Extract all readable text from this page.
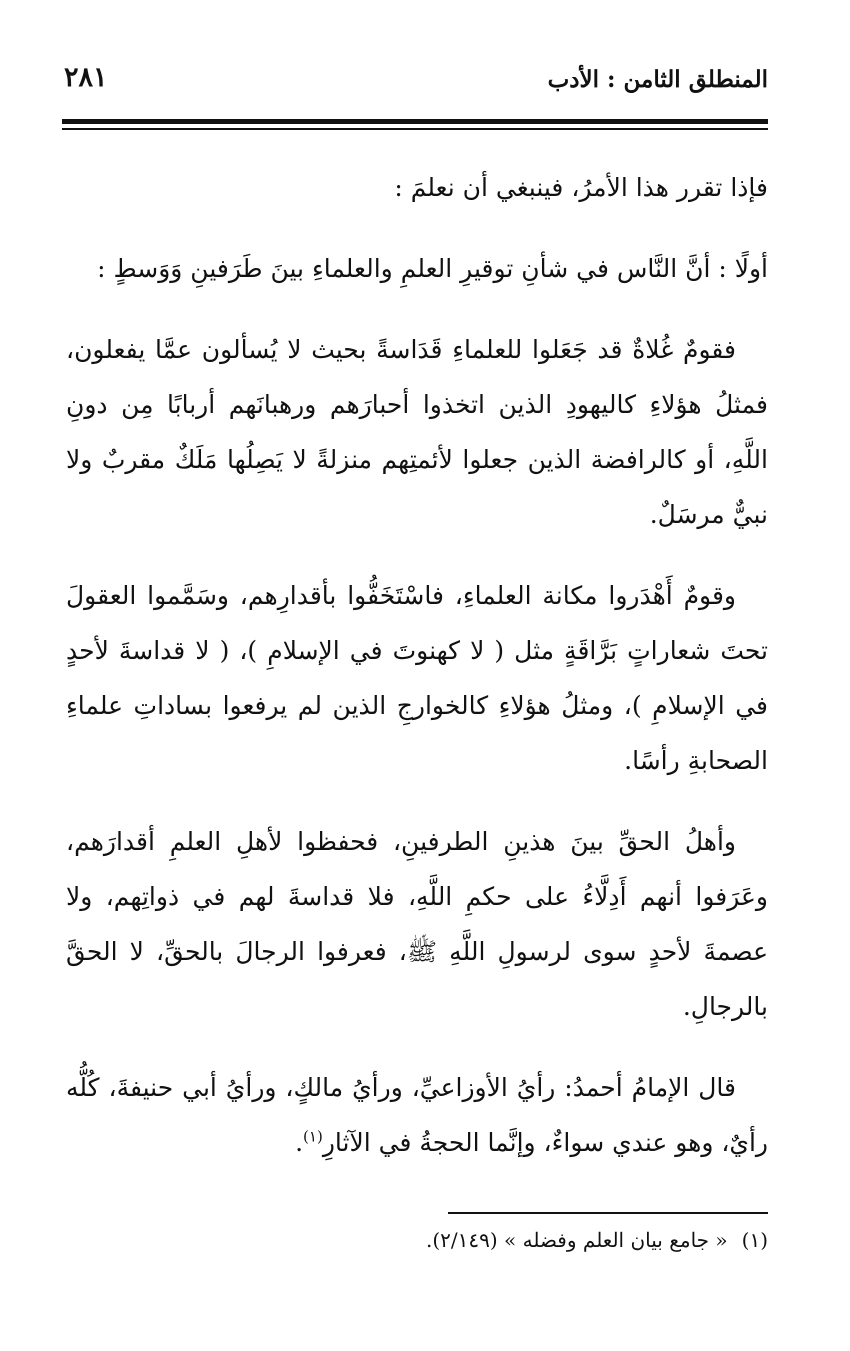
المنطلق الثامن : الأدب
٢٨١

فإذا تقرر هذا الأمرُ، فينبغي أن نعلمَ :

أولًا : أنَّ النَّاس في شأنِ توقيرِ العلمِ والعلماءِ بينَ طَرَفينِ وَوَسطٍ :

فقومٌ غُلاةٌ قد جَعَلوا للعلماءِ قَدَاسةً بحيث لا يُسألون عمَّا يفعلون، فمثلُ هؤلاءِ كاليهودِ الذين اتخذوا أحبارَهم ورهبانَهم أربابًا مِن دونِ اللَّهِ، أو كالرافضة الذين جعلوا لأئمتِهم منزلةً لا يَصِلُها مَلَكٌ مقربٌ ولا نبيٌّ مرسَلٌ.

وقومٌ أَهْدَروا مكانة العلماءِ، فاسْتَخَفُّوا بأقدارِهم، وسَمَّموا العقولَ تحتَ شعاراتٍ بَرَّاقَةٍ مثل ( لا كهنوتَ في الإسلامِ )، ( لا قداسةَ لأحدٍ في الإسلامِ )، ومثلُ هؤلاءِ كالخوارجِ الذين لم يرفعوا بساداتِ علماءِ الصحابةِ رأسًا.

وأهلُ الحقِّ بينَ هذينِ الطرفينِ، فحفظوا لأهلِ العلمِ أقدارَهم، وعَرَفوا أنهم أَدِلَّاءُ على حكمِ اللَّهِ، فلا قداسةَ لهم في ذواتِهم، ولا عصمةَ لأحدٍ سوى لرسولِ اللَّهِ ﷺ، فعرفوا الرجالَ بالحقِّ، لا الحقَّ بالرجالِ.

قال الإمامُ أحمدُ: رأيُ الأوزاعيِّ، ورأيُ مالكٍ، ورأيُ أبي حنيفةَ، كُلُّه رأيٌ، وهو عندي سواءٌ، وإنَّما الحجةُ في الآثارِ$^{(١)}$.

(١)« جامع بيان العلم وفضله » (٢/١٤٩).
